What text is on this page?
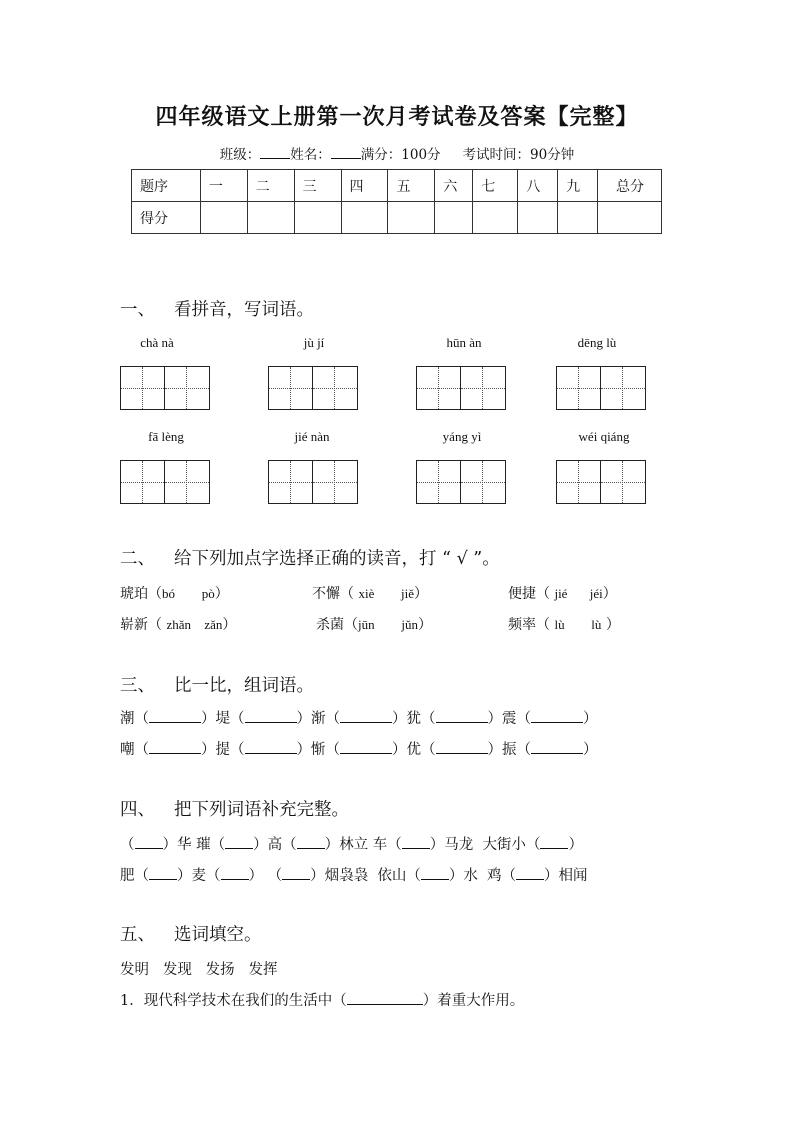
四年级语文上册第一次月考试卷及答案【完整】
班级： 姓名： 满分：100分 考试时间：90分钟
题序	一	二	三	四	五	六	七	八	九	总分
得分										
一、 看拼音，写词语。
chà nà	jù jí	hūn àn	dēng lù
fā lèng	jié nàn	yáng yì	wéi qiáng
二、 给下列加点字选择正确的读音，打 “ √ ”。
琥珀（bó pò）	不懈（ xiè jiě）	便捷（ jié jéi）
崭新（ zhǎn zǎn）	杀菌（jūn jǔn）	频率（ lù lù ）
三、 比一比，组词语。
潮（	）堤（	）渐（	）犹（	）震（	）
嘲（	）提（	）惭（	）优（	）振（	）
四、 把下列词语补充完整。
（ ）华 璀（ ）高（ ）林立 车（ ）马龙 大街小（ ）
肥（ ）麦（ ） （ ）烟袅袅 依山（ ）水 鸡（ ）相闻
五、 选词填空。
发明 发现 发扬 发挥
1．现代科学技术在我们的生活中（	）着重大作用。
